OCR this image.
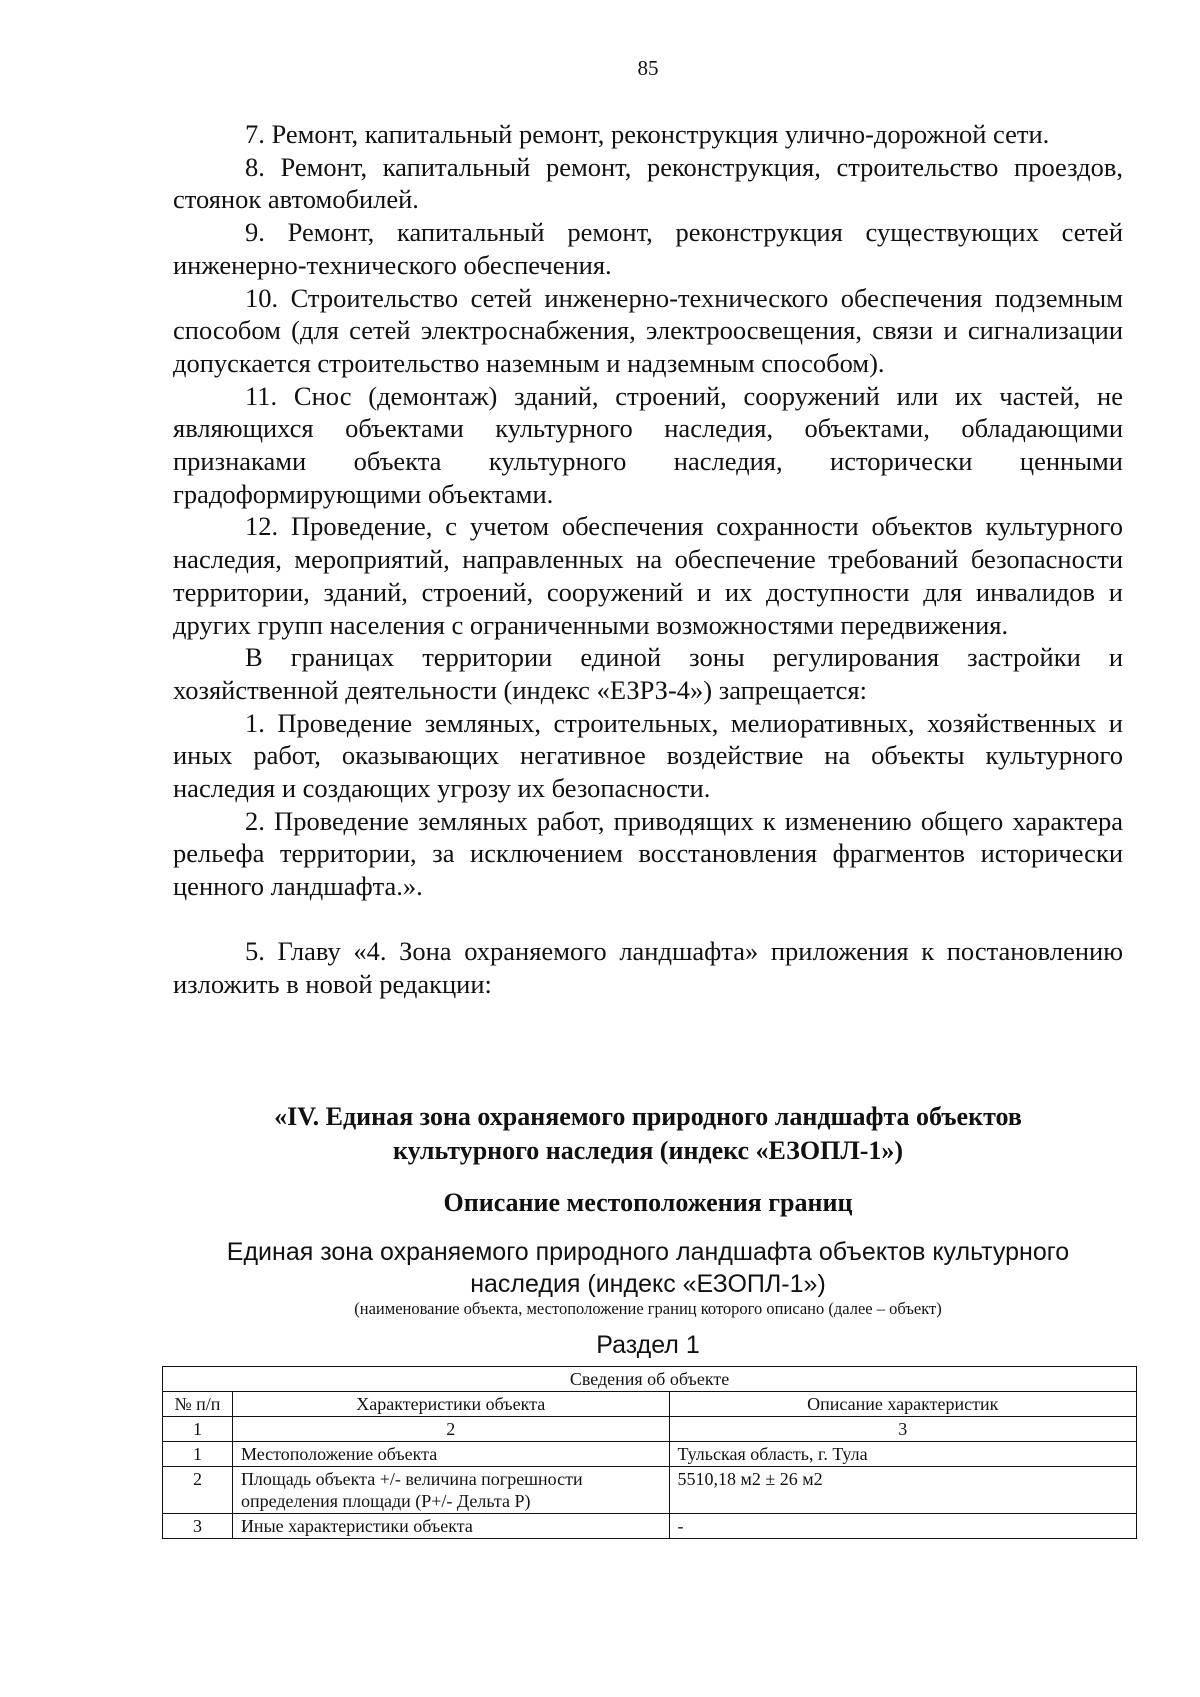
85

7. Ремонт, капитальный ремонт, реконструкция улично-дорожной сети.

8. Ремонт, капитальный ремонт, реконструкция, строительство проездов, стоянок автомобилей.

9. Ремонт, капитальный ремонт, реконструкция существующих сетей инженерно-технического обеспечения.

10. Строительство сетей инженерно-технического обеспечения подземным способом (для сетей электроснабжения, электроосвещения, связи и сигнализации допускается строительство наземным и надземным способом).

11. Снос (демонтаж) зданий, строений, сооружений или их частей, не являющихся объектами культурного наследия, объектами, обладающими признаками объекта культурного наследия, исторически ценными градоформирующими объектами.

12. Проведение, с учетом обеспечения сохранности объектов культурного наследия, мероприятий, направленных на обеспечение требований безопасности территории, зданий, строений, сооружений и их доступности для инвалидов и других групп населения с ограниченными возможностями передвижения.

В границах территории единой зоны регулирования застройки и хозяйственной деятельности (индекс «ЕЗРЗ-4») запрещается:

1. Проведение земляных, строительных, мелиоративных, хозяйственных и иных работ, оказывающих негативное воздействие на объекты культурного наследия и создающих угрозу их безопасности.

2. Проведение земляных работ, приводящих к изменению общего характера рельефа территории, за исключением восстановления фрагментов исторически ценного ландшафта.».

5. Главу «4. Зона охраняемого ландшафта» приложения к постановлению изложить в новой редакции:

«IV. Единая зона охраняемого природного ландшафта объектов
культурного наследия (индекс «ЕЗОПЛ-1»)
Описание местоположения границ
Единая зона охраняемого природного ландшафта объектов культурного
наследия (индекс «ЕЗОПЛ-1»)
(наименование объекта, местоположение границ которого описано (далее – объект)
Раздел 1
Сведения об объекте		
№ п/п	Характеристики объекта	Описание характеристик
1	2	3
1	Местоположение объекта	Тульская область, г. Тула
2	Площадь объекта +/- величина погрешности определения площади (P+/- Дельта P)	5510,18 м2 ± 26 м2
3	Иные характеристики объекта	-
